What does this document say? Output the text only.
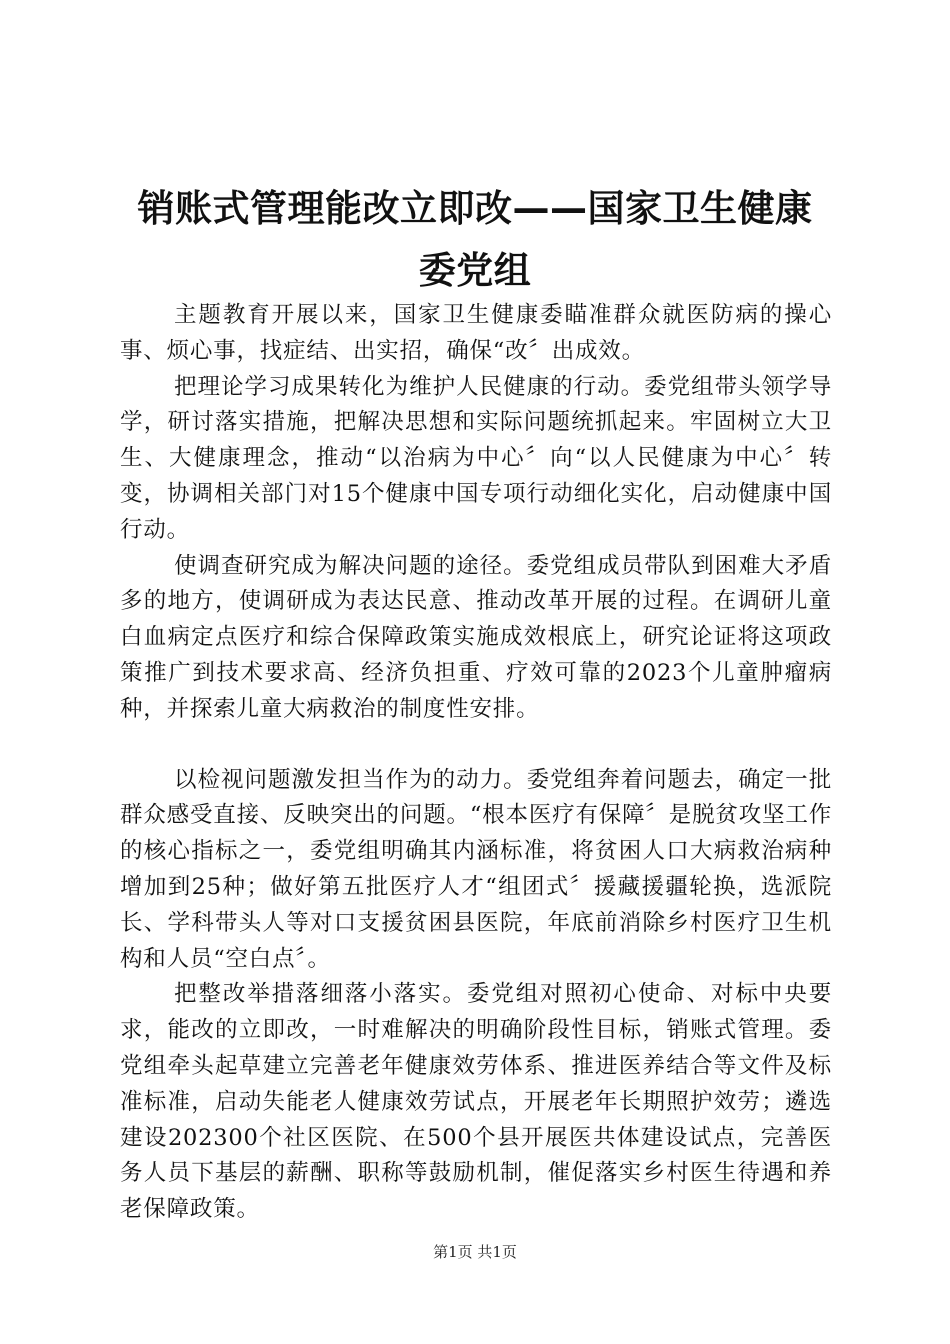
销账式管理能改立即改——国家卫生健康委党组

主题教育开展以来，国家卫生健康委瞄准群众就医防病的操心事、烦心事，找症结、出实招，确保“改〞出成效。

把理论学习成果转化为维护人民健康的行动。委党组带头领学导学，研讨落实措施，把解决思想和实际问题统抓起来。牢固树立大卫生、大健康理念，推动“以治病为中心〞向“以人民健康为中心〞转变，协调相关部门对15个健康中国专项行动细化实化，启动健康中国行动。

使调查研究成为解决问题的途径。委党组成员带队到困难大矛盾多的地方，使调研成为表达民意、推动改革开展的过程。在调研儿童白血病定点医疗和综合保障政策实施成效根底上，研究论证将这项政策推广到技术要求高、经济负担重、疗效可靠的2023个儿童肿瘤病种，并探索儿童大病救治的制度性安排。

以检视问题激发担当作为的动力。委党组奔着问题去，确定一批群众感受直接、反映突出的问题。“根本医疗有保障〞是脱贫攻坚工作的核心指标之一，委党组明确其内涵标准，将贫困人口大病救治病种增加到25种；做好第五批医疗人才“组团式〞援藏援疆轮换，选派院长、学科带头人等对口支援贫困县医院，年底前消除乡村医疗卫生机构和人员“空白点〞。

把整改举措落细落小落实。委党组对照初心使命、对标中央要求，能改的立即改，一时难解决的明确阶段性目标，销账式管理。委党组牵头起草建立完善老年健康效劳体系、推进医养结合等文件及标准标准，启动失能老人健康效劳试点，开展老年长期照护效劳；遴选建设202300个社区医院、在500个县开展医共体建设试点，完善医务人员下基层的薪酬、职称等鼓励机制，催促落实乡村医生待遇和养老保障政策。

第1页 共1页
